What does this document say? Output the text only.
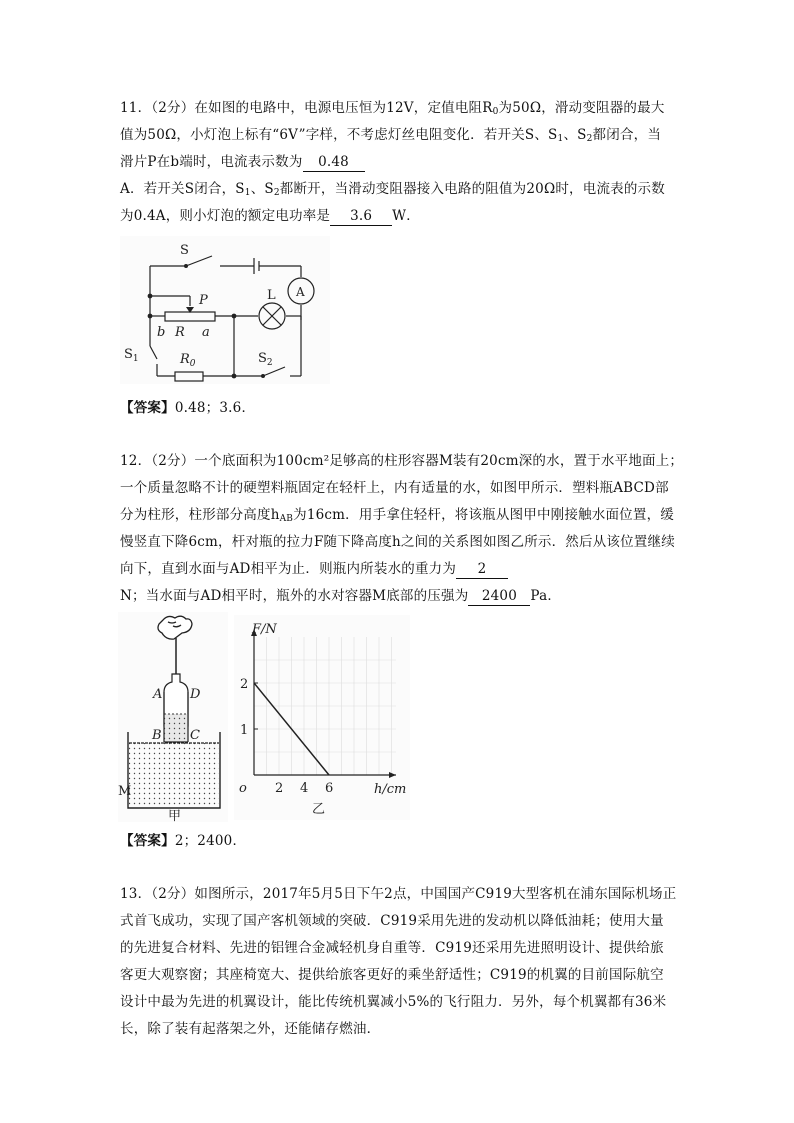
11．（2分）在如图的电路中，电源电压恒为12V，定值电阻$R_0$为50Ω，滑动变阻器的最大
值为50Ω，小灯泡上标有“6V”字样，不考虑灯丝电阻变化．若开关S、$S_1$、$S_2$都闭合，当
滑片P在b端时，电流表示数为 0.48
A．若开关S闭合，$S_1$、$S_2$都断开，当滑动变阻器接入电路的阻值为20Ω时，电流表的示数
为0.4A，则小灯泡的额定电功率是 3.6 W．
S
A
P	L
b R a
$S_1$	$R_0$	$S_2$
【答案】0.48；3.6．
12．（2分）一个底面积为100cm²足够高的柱形容器M装有20cm深的水，置于水平地面上；
一个质量忽略不计的硬塑料瓶固定在轻杆上，内有适量的水，如图甲所示．塑料瓶ABCD部
分为柱形，柱形部分高度$h_{AB}$为16cm．用手拿住轻杆，将该瓶从图甲中刚接触水面位置，缓
慢竖直下降6cm，杆对瓶的拉力F随下降高度h之间的关系图如图乙所示．然后从该位置继续
向下，直到水面与AD相平为止．则瓶内所装水的重力为 2
N；当水面与AD相平时，瓶外的水对容器M底部的压强为 2400 Pa．
A D
B C
M
甲
F/N
h/cm
o 2 4 6
1
2
乙
【答案】2；2400．
13．（2分）如图所示，2017年5月5日下午2点，中国国产C919大型客机在浦东国际机场正
式首飞成功，实现了国产客机领域的突破．C919采用先进的发动机以降低油耗；使用大量
的先进复合材料、先进的铝锂合金减轻机身自重等．C919还采用先进照明设计、提供给旅
客更大观察窗；其座椅宽大、提供给旅客更好的乘坐舒适性；C919的机翼的目前国际航空
设计中最为先进的机翼设计，能比传统机翼减小5%的飞行阻力．另外，每个机翼都有36米
长，除了装有起落架之外，还能储存燃油．
